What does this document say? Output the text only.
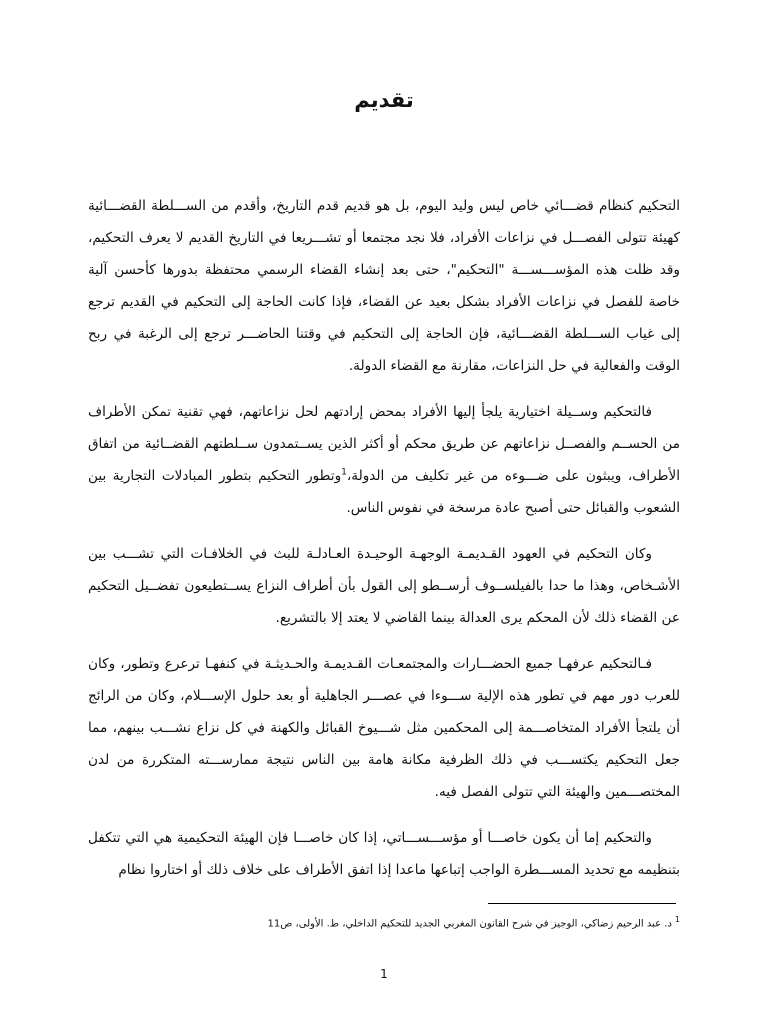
تقديم

التحكيم كنظام قضـــائي خاص ليس وليد اليوم، بل هو قديم قدم التاريخ، وأقدم من الســـلطة القضـــائية كهيئة تتولى الفصـــل في نزاعات الأفراد، فلا نجد مجتمعا أو تشـــريعا في التاريخ القديم لا يعرف التحكيم، وقد ظلت هذه المؤســـســـة "التحكيم"، حتى بعد إنشاء القضاء الرسمي محتفظة بدورها كأحسن آلية خاصة للفصل في نزاعات الأفراد بشكل بعيد عن القضاء، فإذا كانت الحاجة إلى التحكيم في القديم ترجع إلى غياب الســـلطة القضـــائية، فإن الحاجة إلى التحكيم في وقتنا الحاضـــر ترجع إلى الرغبة في ربح الوقت والفعالية في حل النزاعات، مقارنة مع القضاء الدولة.

فالتحكيم وســيلة اختيارية يلجأ إليها الأفراد بمحض إرادتهم لحل نزاعاتهم، فهي تقنية تمكن الأطراف من الحســم والفصــل نزاعاتهم عن طريق محكم أو أكثر الذين يســتمدون ســلطتهم القضــائية من اتفاق الأطراف، ويبثون على ضـــوءه من غير تكليف من الدولة،$^1$وتطور التحكيم بتطور المبادلات التجارية بين الشعوب والقبائل حتى أصبح عادة مرسخة في نفوس الناس.

وكان التحكيم في العهود القـديمـة الوجهـة الوحيـدة العـادلـة للبث في الخلافـات التي تشـــب بين الأشـخاص، وهذا ما حدا بالفيلســوف أرســطو إلى القول بأن أطراف النزاع يســتطيعون تفضــيل التحكيم عن القضاء ذلك لأن المحكم يرى العدالة بينما القاضي لا يعتد إلا بالتشريع.

فـالتحكيم عرفهـا جميع الحضـــارات والمجتمعـات القـديمـة والحـديثـة في كنفهـا ترعرع وتطور، وكان للعرب دور مهم في تطور هذه الإلية ســـوءا في عصـــر الجاهلية أو بعد حلول الإســـلام، وكان من الرائج أن يلتجأ الأفراد المتخاصـــمة إلى المحكمين مثل شـــيوخ القبائل والكهنة في كل نزاع نشـــب بينهم، مما جعل التحكيم يكتســـب في ذلك الظرفية مكانة هامة بين الناس نتيجة ممارســـته المتكررة من لدن المختصـــمين والهيئة التي تتولى الفصل فيه.

والتحكيم إما أن يكون خاصـــا أو مؤســـســـاتي، إذا كان خاصـــا فإن الهيئة التحكيمية هي التي تتكفل بتنظيمه مع تحديد المســـطرة الواجب إتباعها ماعدا إذا اتفق الأطراف على خلاف ذلك أو اختاروا نظام

$^1$د. عبد الرحيم زضاكي، الوجيز في شرح القانون المغربي الجديد للتحكيم الداخلي، ط. الأولى، ص11
1
